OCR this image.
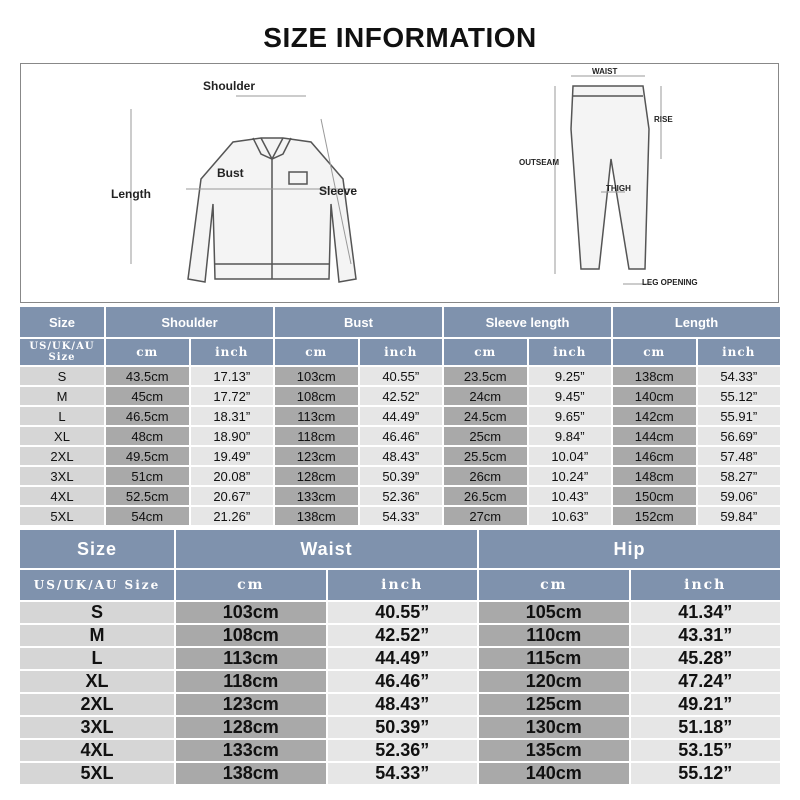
SIZE INFORMATION
Shoulder
Bust
Length	Sleeve
WAIST
RISE
OUTSEAM
THIGH
LEG OPENING
Size	Shoulder		Bust		Sleeve length		Length	
US/UK/AU Size	cm	inch	cm	inch	cm	inch	cm	inch
S	43.5cm	17.13”	103cm	40.55”	23.5cm	9.25”	138cm	54.33”
M	45cm	17.72”	108cm	42.52”	24cm	9.45”	140cm	55.12”
L	46.5cm	18.31”	113cm	44.49”	24.5cm	9.65”	142cm	55.91”
XL	48cm	18.90”	118cm	46.46”	25cm	9.84”	144cm	56.69”
2XL	49.5cm	19.49”	123cm	48.43”	25.5cm	10.04”	146cm	57.48”
3XL	51cm	20.08”	128cm	50.39”	26cm	10.24”	148cm	58.27”
4XL	52.5cm	20.67”	133cm	52.36”	26.5cm	10.43”	150cm	59.06”
5XL	54cm	21.26”	138cm	54.33”	27cm	10.63”	152cm	59.84”
Size	Waist		Hip	
US/UK/AU Size	cm	inch	cm	inch
S	103cm	40.55”	105cm	41.34”
M	108cm	42.52”	110cm	43.31”
L	113cm	44.49”	115cm	45.28”
XL	118cm	46.46”	120cm	47.24”
2XL	123cm	48.43”	125cm	49.21”
3XL	128cm	50.39”	130cm	51.18”
4XL	133cm	52.36”	135cm	53.15”
5XL	138cm	54.33”	140cm	55.12”
